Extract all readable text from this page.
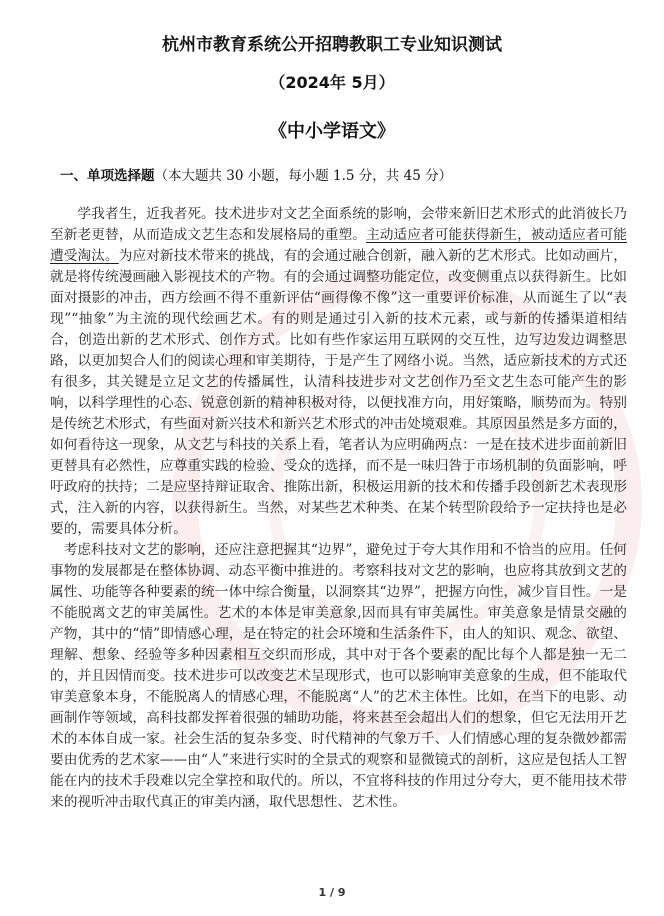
杭州市教育系统公开招聘教职工专业知识测试
（2024年 5月）
《中小学语文》
一、单项选择题（本大题共 30 小题，每小题 1.5 分，共 45 分）

学我者生，近我者死。技术进步对文艺全面系统的影响，会带来新旧艺术形式的此消彼长乃至新老更替，从而造成文艺生态和发展格局的重塑。主动适应者可能获得新生，被动适应者可能遭受淘汰。为应对新技术带来的挑战，有的会通过融合创新，融入新的艺术形式。比如动画片，就是将传统漫画融入影视技术的产物。有的会通过调整功能定位，改变侧重点以获得新生。比如面对摄影的冲击，西方绘画不得不重新评估“画得像不像”这一重要评价标准，从而诞生了以“表现”“抽象”为主流的现代绘画艺术。有的则是通过引入新的技术元素，或与新的传播渠道相结合，创造出新的艺术形式、创作方式。比如有些作家运用互联网的交互性，边写边发边调整思路，以更加契合人们的阅读心理和审美期待，于是产生了网络小说。当然，适应新技术的方式还有很多，其关键是立足文艺的传播属性，认清科技进步对文艺创作乃至文艺生态可能产生的影响，以科学理性的心态、锐意创新的精神积极对待，以便找准方向，用好策略，顺势而为。特别是传统艺术形式，有些面对新兴技术和新兴艺术形式的冲击处境艰难。其原因虽然是多方面的，如何看待这一现象，从文艺与科技的关系上看，笔者认为应明确两点：一是在技术进步面前新旧更替具有必然性，应尊重实践的检验、受众的选择，而不是一味归咎于市场机制的负面影响，呼吁政府的扶持；二是应坚持辩证取舍、推陈出新，积极运用新的技术和传播手段创新艺术表现形式，注入新的内容，以获得新生。当然，对某些艺术种类、在某个转型阶段给予一定扶持也是必要的，需要具体分析。

考虑科技对文艺的影响，还应注意把握其“边界”，避免过于夸大其作用和不恰当的应用。任何事物的发展都是在整体协调、动态平衡中推进的。考察科技对文艺的影响，也应将其放到文艺的属性、功能等各种要素的统一体中综合衡量，以洞察其“边界”，把握方向性，减少盲目性。一是不能脱离文艺的审美属性。艺术的本体是审美意象,因而具有审美属性。审美意象是情景交融的产物，其中的“情”即情感心理，是在特定的社会环境和生活条件下，由人的知识、观念、欲望、理解、想象、经验等多种因素相互交织而形成，其中对于各个要素的配比每个人都是独一无二的，并且因情而变。技术进步可以改变艺术呈现形式，也可以影响审美意象的生成，但不能取代审美意象本身，不能脱离人的情感心理，不能脱离“人”的艺术主体性。比如，在当下的电影、动画制作等领域，高科技都发挥着很强的辅助功能，将来甚至会超出人们的想象，但它无法用开艺术的本体自成一家。社会生活的复杂多变、时代精神的气象万千、人们情感心理的复杂微妙都需要由优秀的艺术家——由“人”来进行实时的全景式的观察和显微镜式的剖析，这应是包括人工智能在内的技术手段难以完全掌控和取代的。所以，不宜将科技的作用过分夸大，更不能用技术带来的视听冲击取代真正的审美内涵，取代思想性、艺术性。

1 / 9
